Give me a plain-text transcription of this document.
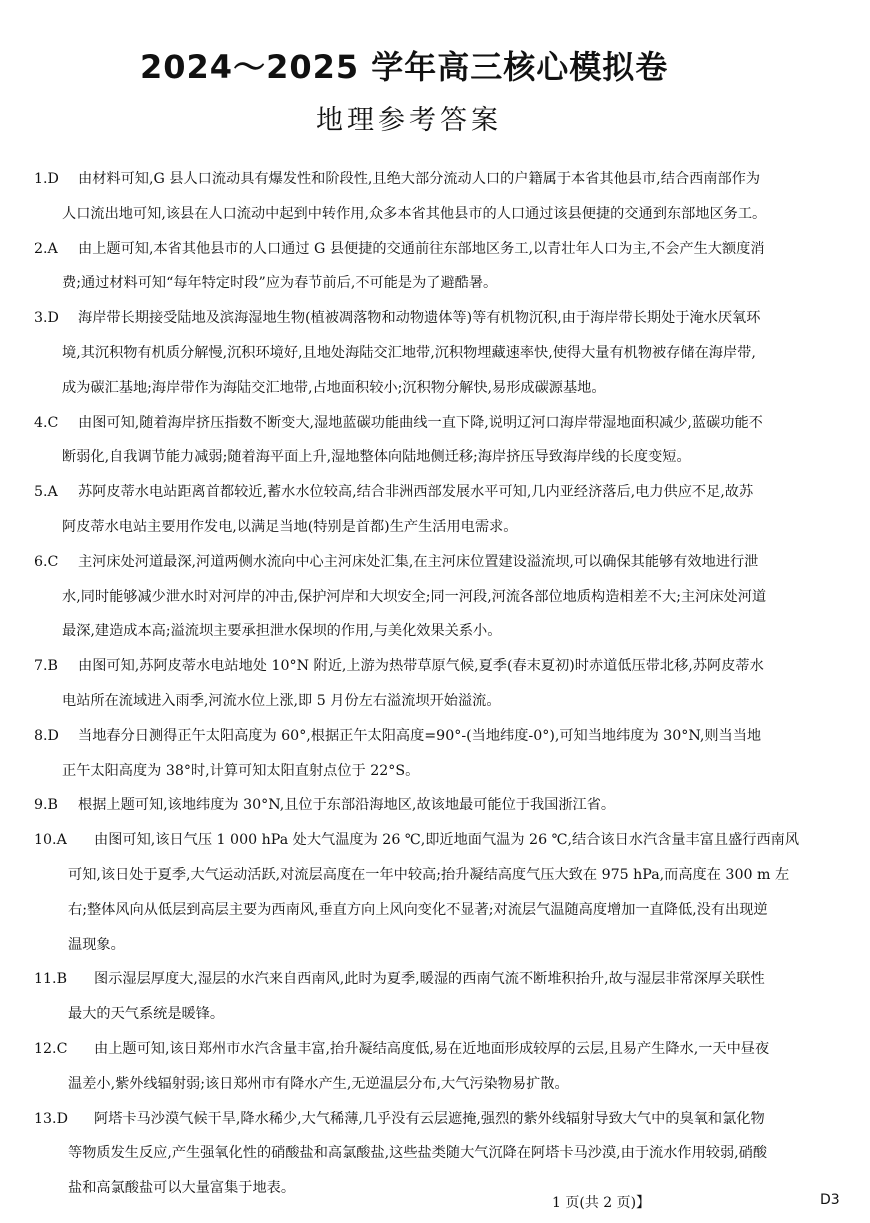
2024～2025 学年高三核心模拟卷
地理参考答案
1.D 由材料可知,G 县人口流动具有爆发性和阶段性,且绝大部分流动人口的户籍属于本省其他县市,结合西南部作为
人口流出地可知,该县在人口流动中起到中转作用,众多本省其他县市的人口通过该县便捷的交通到东部地区务工。
2.A 由上题可知,本省其他县市的人口通过 G 县便捷的交通前往东部地区务工,以青壮年人口为主,不会产生大额度消
费;通过材料可知“每年特定时段”应为春节前后,不可能是为了避酷暑。
3.D 海岸带长期接受陆地及滨海湿地生物(植被凋落物和动物遗体等)等有机物沉积,由于海岸带长期处于淹水厌氧环
境,其沉积物有机质分解慢,沉积环境好,且地处海陆交汇地带,沉积物埋藏速率快,使得大量有机物被存储在海岸带,
成为碳汇基地;海岸带作为海陆交汇地带,占地面积较小;沉积物分解快,易形成碳源基地。
4.C 由图可知,随着海岸挤压指数不断变大,湿地蓝碳功能曲线一直下降,说明辽河口海岸带湿地面积减少,蓝碳功能不
断弱化,自我调节能力减弱;随着海平面上升,湿地整体向陆地侧迁移;海岸挤压导致海岸线的长度变短。
5.A 苏阿皮蒂水电站距离首都较近,蓄水水位较高,结合非洲西部发展水平可知,几内亚经济落后,电力供应不足,故苏
阿皮蒂水电站主要用作发电,以满足当地(特别是首都)生产生活用电需求。
6.C 主河床处河道最深,河道两侧水流向中心主河床处汇集,在主河床位置建设溢流坝,可以确保其能够有效地进行泄
水,同时能够减少泄水时对河岸的冲击,保护河岸和大坝安全;同一河段,河流各部位地质构造相差不大;主河床处河道
最深,建造成本高;溢流坝主要承担泄水保坝的作用,与美化效果关系小。
7.B 由图可知,苏阿皮蒂水电站地处 10°N 附近,上游为热带草原气候,夏季(春末夏初)时赤道低压带北移,苏阿皮蒂水
电站所在流域进入雨季,河流水位上涨,即 5 月份左右溢流坝开始溢流。
8.D 当地春分日测得正午太阳高度为 60°,根据正午太阳高度=90°-(当地纬度-0°),可知当地纬度为 30°N,则当当地
正午太阳高度为 38°时,计算可知太阳直射点位于 22°S。
9.B 根据上题可知,该地纬度为 30°N,且位于东部沿海地区,故该地最可能位于我国浙江省。
10.A 由图可知,该日气压 1 000 hPa 处大气温度为 26 ℃,即近地面气温为 26 ℃,结合该日水汽含量丰富且盛行西南风
可知,该日处于夏季,大气运动活跃,对流层高度在一年中较高;抬升凝结高度气压大致在 975 hPa,而高度在 300 m 左
右;整体风向从低层到高层主要为西南风,垂直方向上风向变化不显著;对流层气温随高度增加一直降低,没有出现逆
温现象。
11.B 图示湿层厚度大,湿层的水汽来自西南风,此时为夏季,暖湿的西南气流不断堆积抬升,故与湿层非常深厚关联性
最大的天气系统是暖锋。
12.C 由上题可知,该日郑州市水汽含量丰富,抬升凝结高度低,易在近地面形成较厚的云层,且易产生降水,一天中昼夜
温差小,紫外线辐射弱;该日郑州市有降水产生,无逆温层分布,大气污染物易扩散。
13.D 阿塔卡马沙漠气候干旱,降水稀少,大气稀薄,几乎没有云层遮掩,强烈的紫外线辐射导致大气中的臭氧和氯化物
等物质发生反应,产生强氧化性的硝酸盐和高氯酸盐,这些盐类随大气沉降在阿塔卡马沙漠,由于流水作用较弱,硝酸
盐和高氯酸盐可以大量富集于地表。
1 页(共 2 页)】	D3
